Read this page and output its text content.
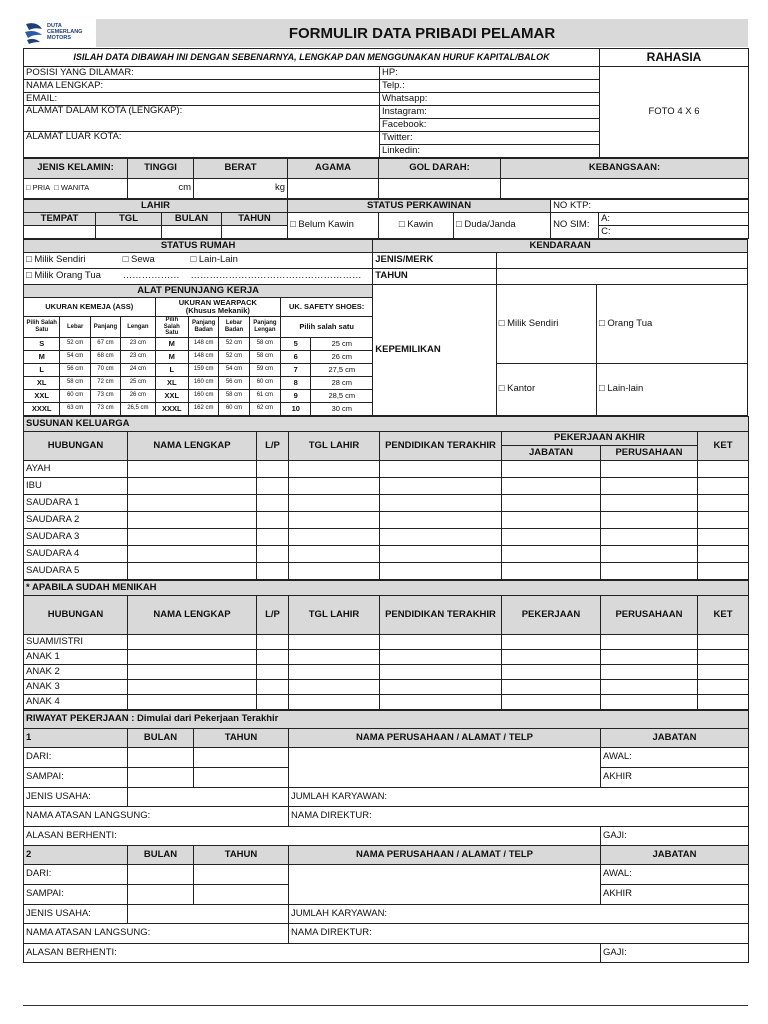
DUTA
CEMERLANG
MOTORS	FORMULIR DATA PRIBADI PELAMAR
ISILAH DATA DIBAWAH INI DENGAN SEBENARNYA, LENGKAP DAN MENGGUNAKAN HURUF KAPITAL/BALOK		RAHASIA
POSISI YANG DILAMAR:	HP:	FOTO 4 X 6
NAMA LENGKAP:	Telp.:	
EMAIL:	Whatsapp:	
ALAMAT DALAM KOTA (LENGKAP):	Instagram:	
	Facebook:	
ALAMAT LUAR KOTA:	Twitter:	
	Linkedin:	
JENIS KELAMIN:	TINGGI	BERAT	AGAMA	GOL DARAH:	KEBANGSAAN:
□ PRIA □ WANITA	cm	kg			
LAHIR				STATUS PERKAWINAN			NO KTP:	
TEMPAT	TGL	BULAN	TAHUN	□ Belum Kawin	□ Kawin	□ Duda/Janda	NO SIM:	A:
								C:
STATUS RUMAH										KENDARAAN		
□ Milik Sendiri			□ Sewa		□ Lain-Lain					JENIS/MERK		
□ Milik Orang Tua			………………		………………………………………………					TAHUN		
ALAT PENUNJANG KERJA										KEPEMILIKAN	□ Milik Sendiri	□ Orang Tua
UKURAN KEMEJA (ASS)				UKURAN WEARPACK
(Khusus Mekanik)				UK. SAFETY SHOES:				
Pilih Salah Satu	Lebar	Panjang	Lengan	Pilih Salah Satu	Panjang Badan	Lebar Badan	Panjang Lengan	Pilih salah satu				
S	52 cm	67 cm	23 cm	M	148 cm	52 cm	58 cm	5	25 cm			
M	54 cm	68 cm	23 cm	M	148 cm	52 cm	58 cm	6	26 cm			
L	56 cm	70 cm	24 cm	L	159 cm	54 cm	59 cm	7	27,5 cm		□ Kantor	□ Lain-lain
XL	58 cm	72 cm	25 cm	XL	160 cm	56 cm	60 cm	8	28 cm			
XXL	60 cm	73 cm	26 cm	XXL	160 cm	58 cm	61 cm	9	28,5 cm			
XXXL	63 cm	73 cm	26,5 cm	XXXL	162 cm	60 cm	62 cm	10	30 cm			
SUSUNAN KELUARGA							
HUBUNGAN	NAMA LENGKAP	L/P	TGL LAHIR	PENDIDIKAN TERAKHIR	PEKERJAAN AKHIR		KET
					JABATAN	PERUSAHAAN	
AYAH							
IBU							
SAUDARA 1							
SAUDARA 2							
SAUDARA 3							
SAUDARA 4							
SAUDARA 5							
* APABILA SUDAH MENIKAH							
HUBUNGAN	NAMA LENGKAP	L/P	TGL LAHIR	PENDIDIKAN TERAKHIR	PEKERJAAN	PERUSAHAAN	KET
SUAMI/ISTRI							
ANAK 1							
ANAK 2							
ANAK 3							
ANAK 4							
RIWAYAT PEKERJAAN : Dimulai dari Pekerjaan Terakhir				
1	BULAN	TAHUN	NAMA PERUSAHAAN / ALAMAT / TELP	JABATAN
DARI:				AWAL:
SAMPAI:				AKHIR
JENIS USAHA:			JUMLAH KARYAWAN:	
NAMA ATASAN LANGSUNG:			NAMA DIREKTUR:	
ALASAN BERHENTI:				GAJI:
2	BULAN	TAHUN	NAMA PERUSAHAAN / ALAMAT / TELP	JABATAN
DARI:				AWAL:
SAMPAI:				AKHIR
JENIS USAHA:			JUMLAH KARYAWAN:	
NAMA ATASAN LANGSUNG:			NAMA DIREKTUR:	
ALASAN BERHENTI:				GAJI:
